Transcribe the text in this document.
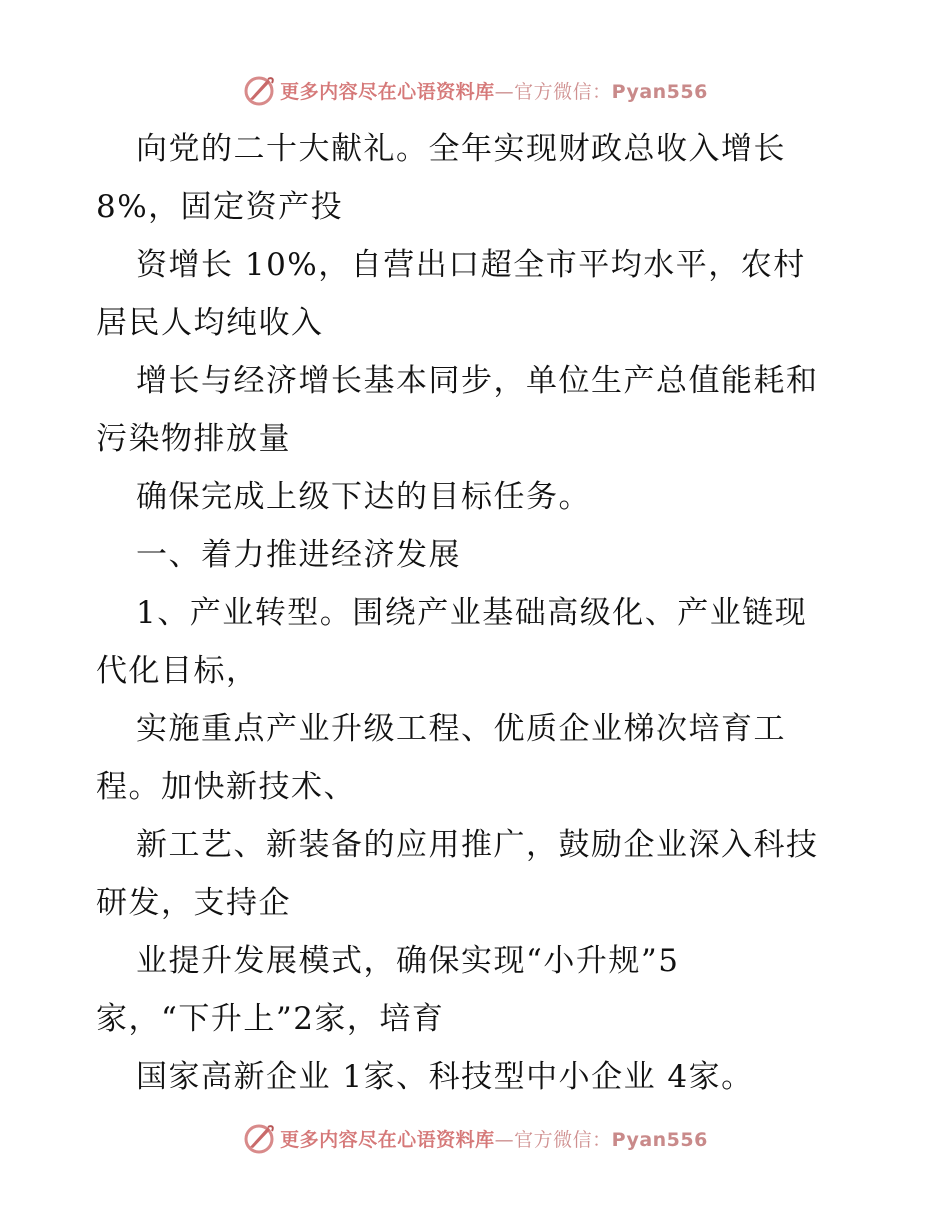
更多内容尽在心语资料库—官方微信：Pyan556
向党的二十大献礼。全年实现财政总收入增长
8%，固定资产投
资增长 10%，自营出口超全市平均水平，农村
居民人均纯收入
增长与经济增长基本同步，单位生产总值能耗和
污染物排放量
确保完成上级下达的目标任务。
一、着力推进经济发展
1、产业转型。围绕产业基础高级化、产业链现
代化目标，
实施重点产业升级工程、优质企业梯次培育工
程。加快新技术、
新工艺、新装备的应用推广，鼓励企业深入科技
研发，支持企
业提升发展模式，确保实现“小升规”5
家，“下升上”2家，培育
国家高新企业 1家、科技型中小企业 4家。
更多内容尽在心语资料库—官方微信：Pyan556
